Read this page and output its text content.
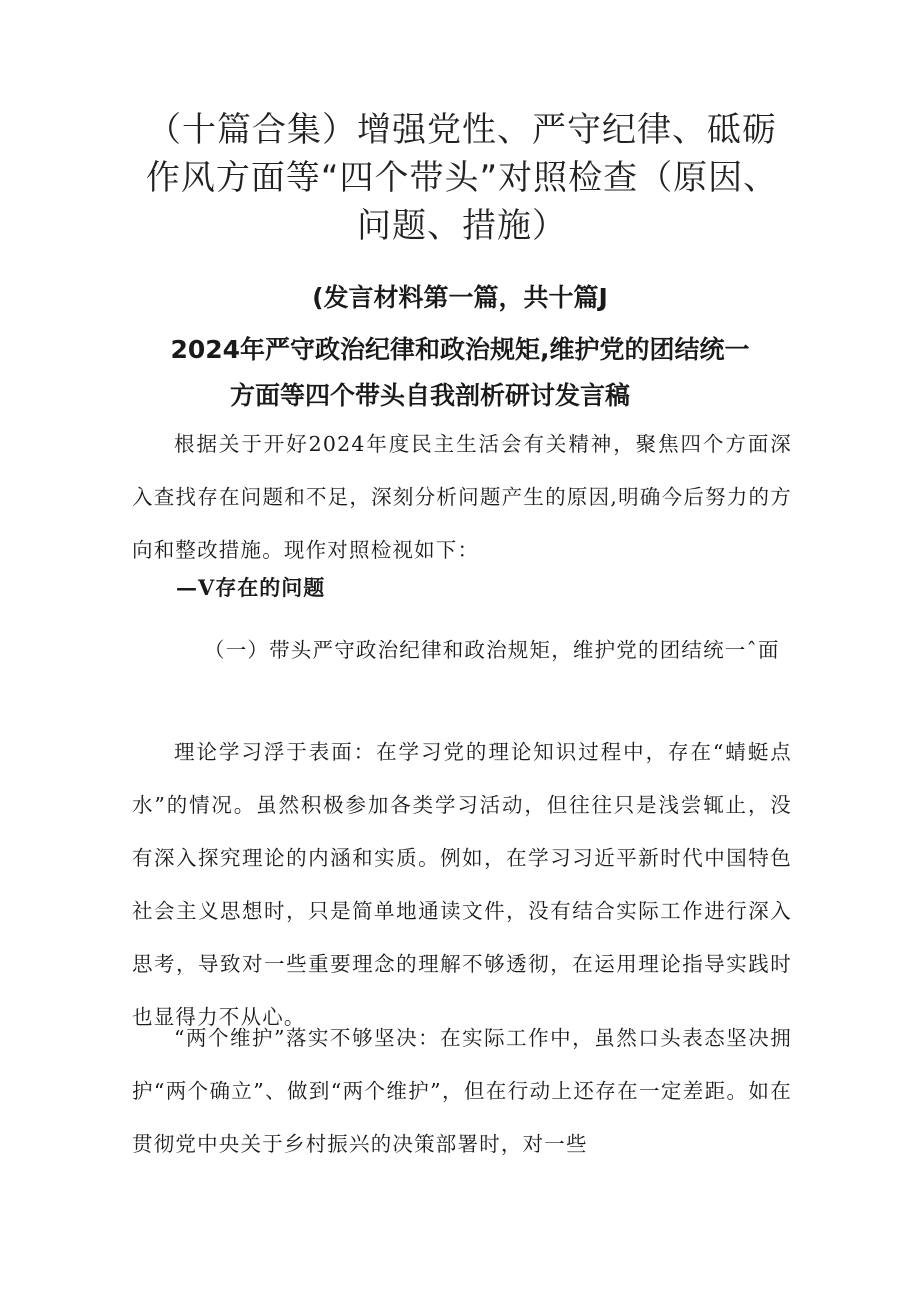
（十篇合集）增强党性、严守纪律、砥砺作风方面等“四个带头”对照检查（原因、问题、措施）
(发言材料第一篇，共十篇J
2024年严守政治纪律和政治规矩,维护党的团结统一
方面等四个带头自我剖析研讨发言稿
根据关于开好2024年度民主生活会有关精神，聚焦四个方面深入查找存在问题和不足，深刻分析问题产生的原因,明确今后努力的方向和整改措施。现作对照检视如下：
—V存在的问题
（一）带头严守政治纪律和政治规矩，维护党的团结统一ˆ面
理论学习浮于表面：在学习党的理论知识过程中，存在“蜻蜓点水”的情况。虽然积极参加各类学习活动，但往往只是浅尝辄止，没有深入探究理论的内涵和实质。例如，在学习习近平新时代中国特色社会主义思想时，只是简单地通读文件，没有结合实际工作进行深入思考，导致对一些重要理念的理解不够透彻，在运用理论指导实践时也显得力不从心。
“两个维护”落实不够坚决：在实际工作中，虽然口头表态坚决拥护“两个确立”、做到“两个维护”，但在行动上还存在一定差距。如在贯彻党中央关于乡村振兴的决策部署时，对一些
